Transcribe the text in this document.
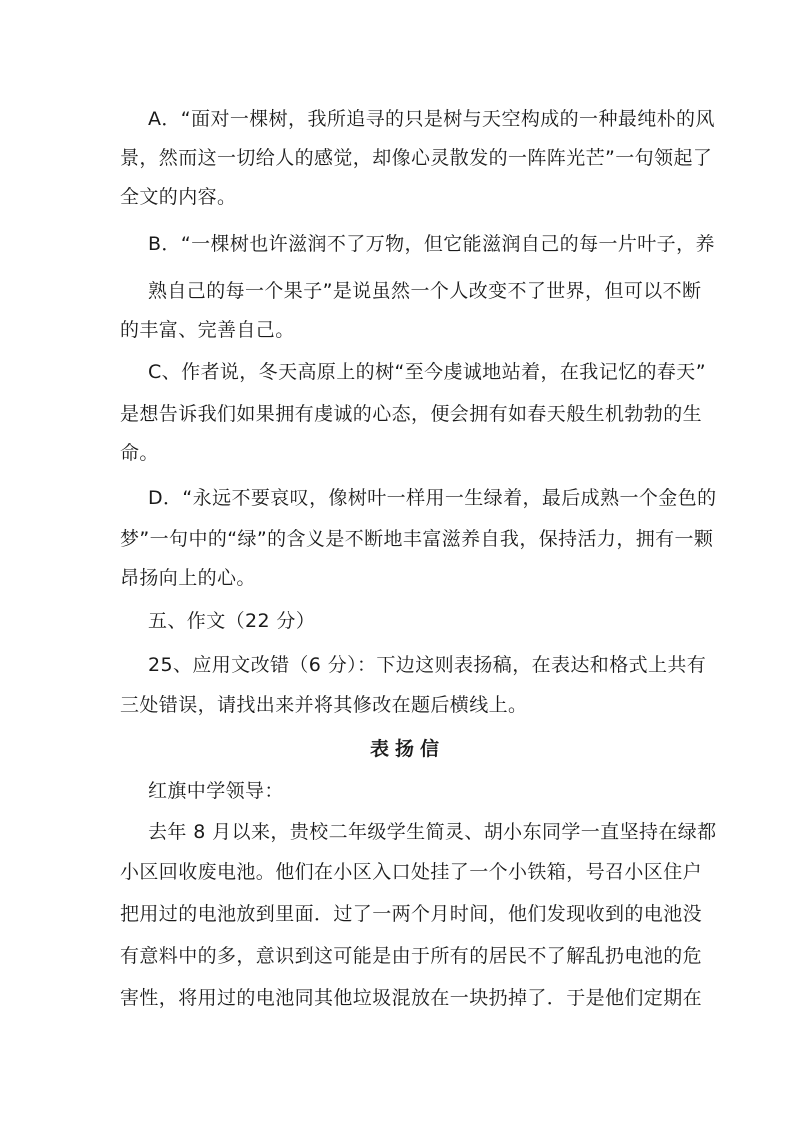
A．“面对一棵树，我所追寻的只是树与天空构成的一种最纯朴的风
景，然而这一切给人的感觉，却像心灵散发的一阵阵光芒”一句领起了
全文的内容。
B．“一棵树也许滋润不了万物，但它能滋润自己的每一片叶子，养
熟自己的每一个果子”是说虽然一个人改变不了世界，但可以不断
的丰富、完善自己。
C、作者说，冬天高原上的树“至今虔诚地站着，在我记忆的春天”
是想告诉我们如果拥有虔诚的心态，便会拥有如春天般生机勃勃的生
命。
D．“永远不要哀叹，像树叶一样用一生绿着，最后成熟一个金色的
梦”一句中的“绿”的含义是不断地丰富滋养自我，保持活力，拥有一颗
昂扬向上的心。
五、作文（22 分）
25、应用文改错（6 分）：下边这则表扬稿，在表达和格式上共有
三处错误，请找出来并将其修改在题后横线上。
表扬信
红旗中学领导：
去年 8 月以来，贵校二年级学生简灵、胡小东同学一直坚持在绿都
小区回收废电池。他们在小区入口处挂了一个小铁箱，号召小区住户
把用过的电池放到里面．过了一两个月时间，他们发现收到的电池没
有意料中的多，意识到这可能是由于所有的居民不了解乱扔电池的危
害性，将用过的电池同其他垃圾混放在一块扔掉了．于是他们定期在
